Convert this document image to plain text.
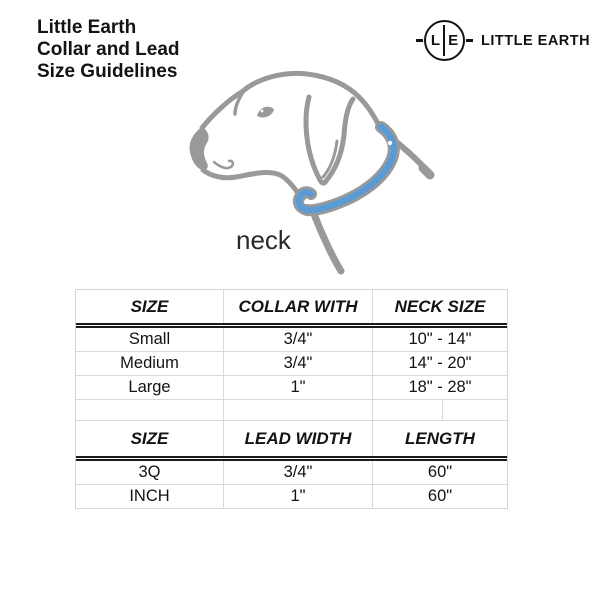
Little Earth
Collar and Lead
Size Guidelines
L E LITTLE EARTH
neck
SIZE	COLLAR WITH	NECK SIZE
Small	3/4"	10" - 14"
Medium	3/4"	14" - 20"
Large	1"	18" - 28"
SIZE	LEAD WIDTH	LENGTH
3Q	3/4"	60"
INCH	1"	60"
